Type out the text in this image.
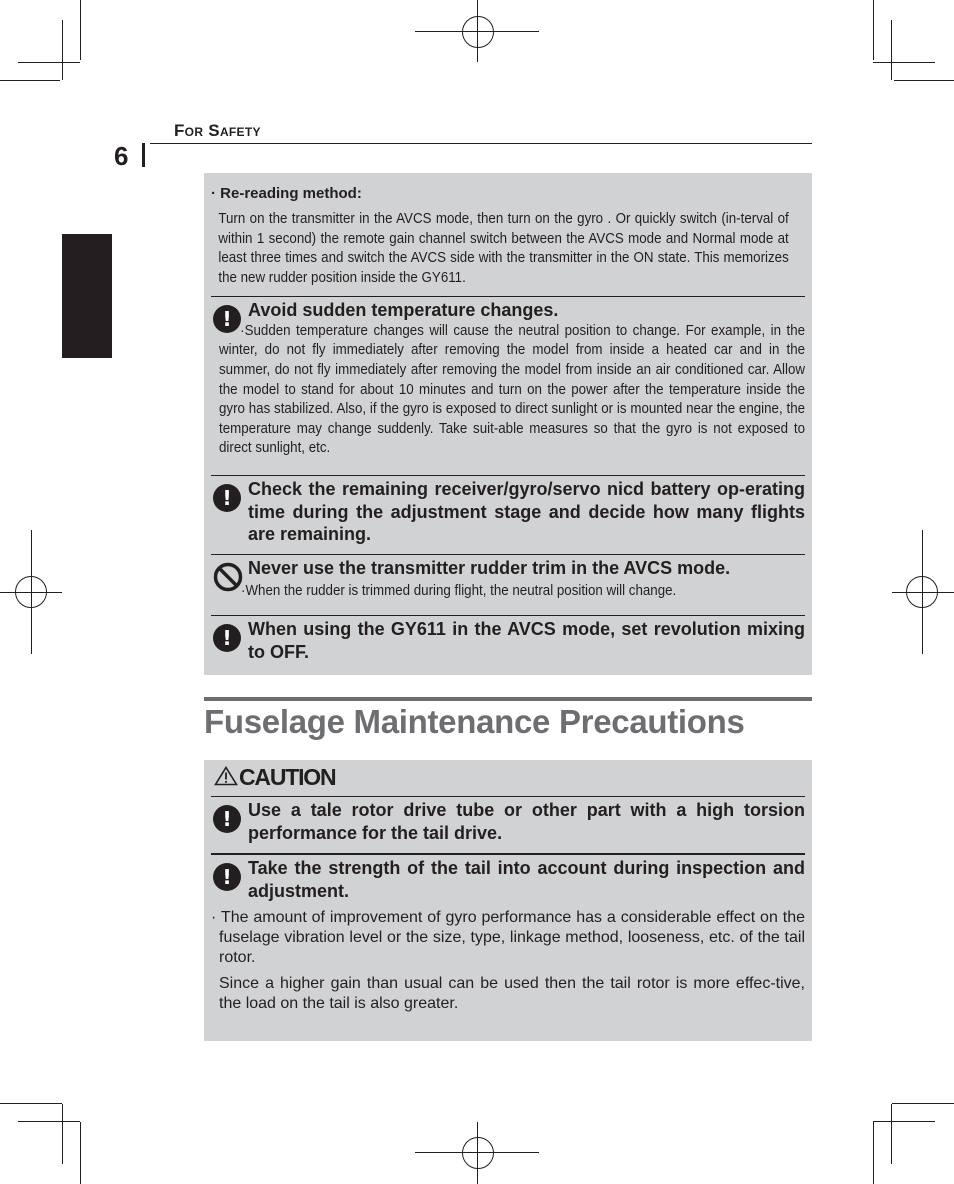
For Safety
6
· Re-reading method:

Turn on the transmitter in the AVCS mode, then turn on the gyro . Or quickly switch (in-terval of within 1 second) the remote gain channel switch between the AVCS mode and Normal mode at least three times and switch the AVCS side with the transmitter in the ON state. This memorizes the new rudder position inside the GY611.

! Avoid sudden temperature changes.

·Sudden temperature changes will cause the neutral position to change. For example, in the winter, do not fly immediately after removing the model from inside a heated car and in the summer, do not fly immediately after removing the model from inside an air conditioned car. Allow the model to stand for about 10 minutes and turn on the power after the temperature inside the gyro has stabilized. Also, if the gyro is exposed to direct sunlight or is mounted near the engine, the temperature may change suddenly. Take suit-able measures so that the gyro is not exposed to direct sunlight, etc.

! Check the remaining receiver/gyro/servo nicd battery op-erating time during the adjustment stage and decide how many flights are remaining.
Never use the transmitter rudder trim in the AVCS mode.

·When the rudder is trimmed during flight, the neutral position will change.

! When using the GY611 in the AVCS mode, set revolution mixing to OFF.
Fuselage Maintenance Precautions
CAUTION
! Use a tale rotor drive tube or other part with a high torsion performance for the tail drive.
! Take the strength of the tail into account during inspection and adjustment.

· The amount of improvement of gyro performance has a considerable effect on the fuselage vibration level or the size, type, linkage method, looseness, etc. of the tail rotor.

Since a higher gain than usual can be used then the tail rotor is more effec-tive, the load on the tail is also greater.
